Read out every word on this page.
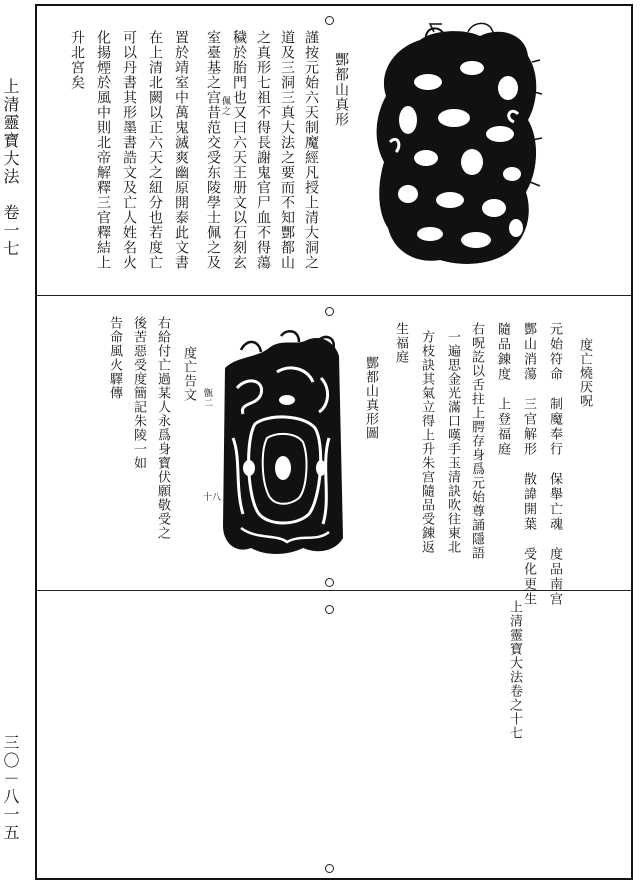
上清靈寶大法　卷一七
三〇－八一五
酆都山真形
謹按元始六天制魔經凡授上清大洞之
道及三洞三真大法之要而不知酆都山
之真形七祖不得長謝鬼官尸血不得蕩
穢於胎門也又曰六天王册文以石刻玄
室臺基之宫昔范交受东陵學士佩之及
置於靖室中萬鬼滅爽幽原開泰此文書
在上清北闕以正六天之紐分也若度亡
可以丹書其形墨書誥文及亡人姓名火
化揚煙於風中則北帝解釋三官釋結上
升北宮矣
佩之
度亡燒厌呪
元始符命　制魔奉行　保舉亡魂　度品南宫
酆山消蕩　三官解形　散諱開葉　受化更生
隨品錬度　上登福庭
右呪訖以舌拄上腭存身爲元始尊誦隱語
一遍思金光滿口嘆手玉清訣吹往東北
方枝訣其氣立得上升朱宫隨品受錬返
生福庭
酆都山真形圖
甑二
十八
度亡告文
右給付亡過某人永爲身寶伏願敬受之
後苦惡受度簡記朱陵一如
告命風火驛傳
上清靈寶大法卷之十七
